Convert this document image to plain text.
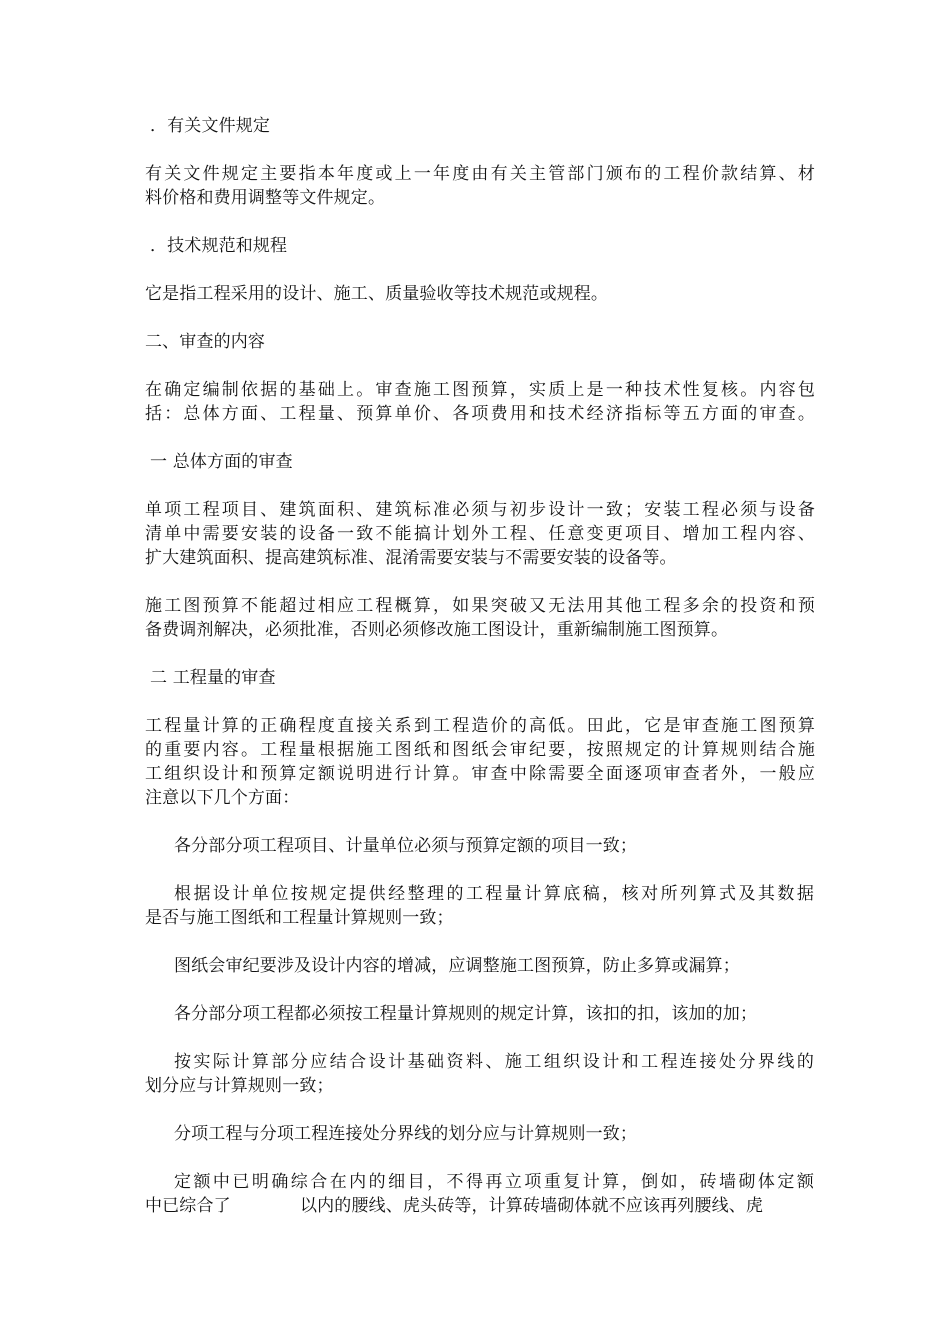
．有关文件规定
有关文件规定主要指本年度或上一年度由有关主管部门颁布的工程价款结算、材
料价格和费用调整等文件规定。
．技术规范和规程
它是指工程采用的设计、施工、质量验收等技术规范或规程。
二、审查的内容
在确定编制依据的基础上。审查施工图预算，实质上是一种技术性复核。内容包
括：总体方面、工程量、预算单价、各项费用和技术经济指标等五方面的审查。
一 总体方面的审查
单项工程项目、建筑面积、建筑标准必须与初步设计一致；安装工程必须与设备
清单中需要安装的设备一致不能搞计划外工程、任意变更项目、增加工程内容、
扩大建筑面积、提高建筑标准、混淆需要安装与不需要安装的设备等。
施工图预算不能超过相应工程概算，如果突破又无法用其他工程多余的投资和预
备费调剂解决，必须批准，否则必须修改施工图设计，重新编制施工图预算。
二 工程量的审查
工程量计算的正确程度直接关系到工程造价的高低。田此，它是审查施工图预算
的重要内容。工程量根据施工图纸和图纸会审纪要，按照规定的计算规则结合施
工组织设计和预算定额说明进行计算。审查中除需要全面逐项审查者外，一般应
注意以下几个方面：
各分部分项工程项目、计量单位必须与预算定额的项目一致；
根据设计单位按规定提供经整理的工程量计算底稿，核对所列算式及其数据
是否与施工图纸和工程量计算规则一致；
图纸会审纪要涉及设计内容的增减，应调整施工图预算，防止多算或漏算；
各分部分项工程都必须按工程量计算规则的规定计算，该扣的扣，该加的加；
按实际计算部分应结合设计基础资料、施工组织设计和工程连接处分界线的
划分应与计算规则一致；
分项工程与分项工程连接处分界线的划分应与计算规则一致；
定额中已明确综合在内的细目，不得再立项重复计算，倒如，砖墙砌体定额
中已综合了	以内的腰线、虎头砖等，计算砖墙砌体就不应该再列腰线、虎
